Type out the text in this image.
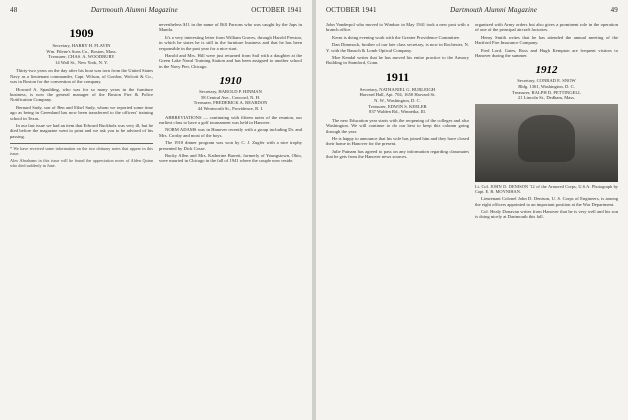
48	Dartmouth Alumni Magazine	OCTOBER 1941
1909
Secretary, HARRY H. FLAVIN
Wm. Filene's Sons Co., Boston, Mass.
Treasurer, CHAS. A. WOODBURY
14 Wall St., New York, N. Y.

Thirty-two years on the day after his boat was torn from the United States Navy as a lieutenant commander, Capt. Wilson, of Gordon, Wolcott & Co., was in Boston for the convention of the company.

Howard A. Spaulding, who was for so many years in the furniture business, is now the general manager of the Boston Fire & Police Notification Company.

Bernard Sudy, son of Ben and Ethel Sudy, whom we reported some time ago as being in Greenland has now been transferred to the officers' training school in Texas.

In our last issue we had an item that Edward Buckholz was very ill, but he died before the magazine went to print and we ask you to be advised of his passing.

* We have received some information on the two obituary notes that appear in this issue.

Alex Abrahams in this issue will be found the appreciation notes of Alden Quinn who died suddenly in June.

nevertheless $11 in the name of Bill Parsons who was caught by the Japs in Manila.

It's a very interesting letter from William Graves, through Harold Preston, in which he states he is still in the furniture business and that he has been responsible in the past year for a nice start.

Harold and Mrs. Hill were just returned from Sail with a daughter at the Green Lake Naval Training Station and has been assigned to another school in the Navy Pier, Chicago.

1910
Secretary, HAROLD P. HINMAN
58 Central Ave., Concord, N. H.
Treasurer, FREDERICK A. REARDON
44 Wentworth St., Providence, R. I.

ABBREVIATIONS — continuing with fifteen notes of the reunion, our earliest class to have a golf tournament was held in Hanover.

NORM ADAMS was in Hanover recently with a group including Dr. and Mrs. Crosby and most of the boys.

The 1910 dinner program was won by C. J. Zugfer with a nice trophy presented by Dick Cosse.

Bucky Allen and Mrs. Katherine Barrett, formerly of Youngstown, Ohio, were married in Chicago in the fall of 1941 where the couple now reside.

OCTOBER 1941	Dartmouth Alumni Magazine	49

John Vanderpol who moved to Windsor in May 1941 took a new post with a branch office.

Kerm is doing evening work with the Greater Providence Committee.

Dan Dimmock, brother of our late class secretary, is now in Rochester, N. Y. with the Bausch & Lomb Optical Company.

Moe Kendal writes that he has moved his entire practice to the Armory Building in Stamford, Conn.

1911
Secretary, NATHANIEL G. BURLEIGH
Harvard Hall, Apt. 704, 1650 Harvard St.
N. W., Washington, D. C.
Treasurer, EDWIN S. KEELER
837 Walden Rd., Winnetka, Ill.

The new Education year starts with the reopening of the colleges and also Washington. We will continue to do our best to keep this column going through the year.

He is happy to announce that his wife has joined him and they have closed their home in Hanover for the present.

Julie Putnam has agreed to pass on any information regarding classmates that he gets from the Hanover news sources.

organized with Army orders but also gives a prominent role in the operation of one of the principal aircraft factories.

Henry Smith writes that he has attended the annual meeting of the Hartford Fire Insurance Company.

Fred Lord, Gates, Ross and Hugh Kempton are frequent visitors to Hanover during the summer.

1912
Secretary, CONRAD E. SNOW
Bldg. 1361, Washington, D. C.
Treasurer, RALPH D. PETTINGELL
21 Lincoln St., Dedham, Mass.

Lt. Col. JOHN D. DENISON '12 of the Armored Corps, U.S.A. Photograph by Capt. E. B. MOYNIHAN.

Lieutenant Colonel John D. Denison, U. S. Corps of Engineers, is among the eight officers appointed to an important position at the War Department.

Col. Healy Donavan writes from Hanover that he is very well and his son is doing nicely at Dartmouth this fall.
